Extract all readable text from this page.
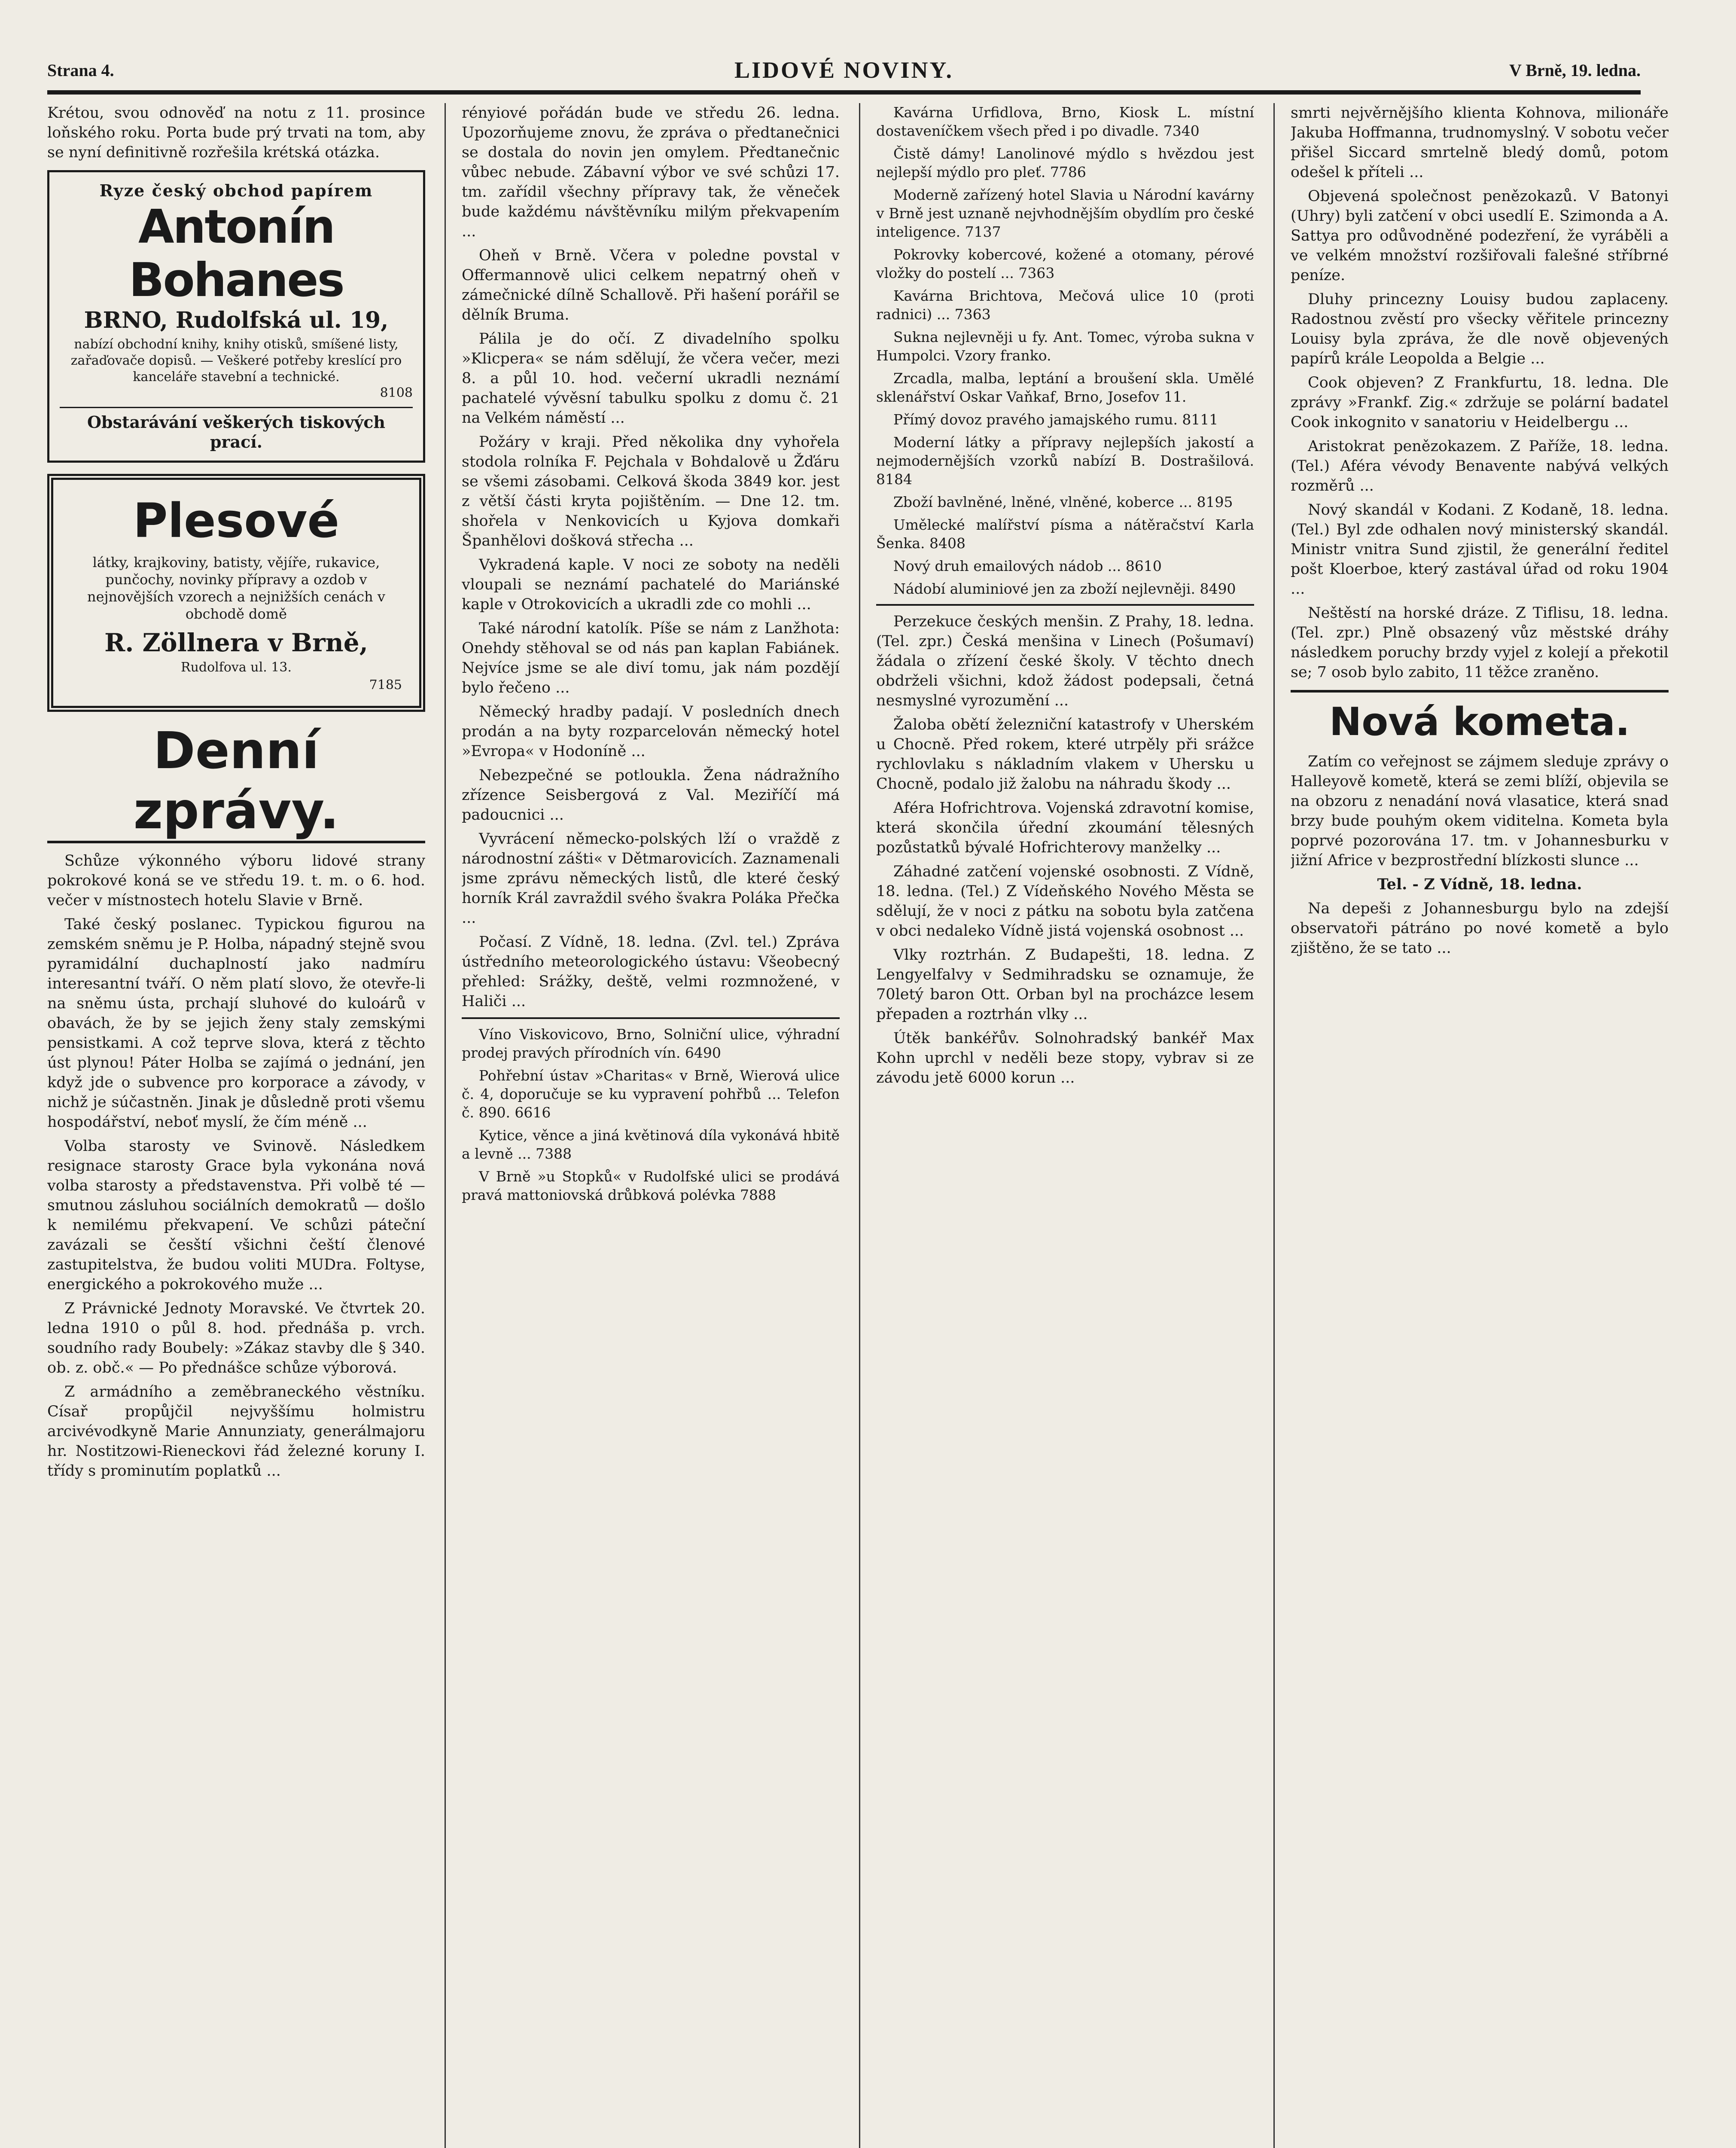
Strana 4.	LIDOVÉ NOVINY.	V Brně, 19. ledna.

Krétou, svou odnověď na notu z 11. prosince loňského roku. Porta bude prý trvati na tom, aby se nyní definitivně rozřešila krétská otázka.

Ryze český obchod papírem
Antonín Bohanes
BRNO, Rudolfská ul. 19,
nabízí obchodní knihy, knihy otisků, smíšené listy, zařaďovače dopisů. — Veškeré potřeby kreslící pro kanceláře stavební a technické.
8108
Obstarávání veškerých tiskových prací.
Plesové
látky, krajkoviny, batisty, vějíře, rukavice, punčochy, novinky přípravy a ozdob v nejnovějších vzorech a nejnižších cenách v obchodě domě
R. Zöllnera v Brně,
Rudolfova ul. 13.
7185
Denní zprávy.

Schůze výkonného výboru lidové strany pokrokové koná se ve středu 19. t. m. o 6. hod. večer v místnostech hotelu Slavie v Brně.

Také český poslanec. Typickou figurou na zemském sněmu je P. Holba, nápadný stejně svou pyramidální duchaplností jako nadmíru interesantní tváří. O něm platí slovo, že otevře-li na sněmu ústa, prchají sluhové do kuloárů v obavách, že by se jejich ženy staly zemskými pensistkami. A což teprve slova, která z těchto úst plynou! Páter Holba se zajímá o jednání, jen když jde o subvence pro korporace a závody, v nichž je súčastněn. Jinak je důsledně proti všemu hospodářství, neboť myslí, že čím méně ...

Volba starosty ve Svinově. Následkem resignace starosty Grace byla vykonána nová volba starosty a představenstva. Při volbě té — smutnou zásluhou sociálních demokratů — došlo k nemilému překvapení. Ve schůzi páteční zavázali se česští všichni čeští členové zastupitelstva, že budou voliti MUDra. Foltyse, energického a pokrokového muže ...

Z Právnické Jednoty Moravské. Ve čtvrtek 20. ledna 1910 o půl 8. hod. přednáša p. vrch. soudního rady Boubely: »Zákaz stavby dle § 340. ob. z. obč.« — Po přednášce schůze výborová.

Z armádního a zeměbraneckého věstníku. Císař propůjčil nejvyššímu holmistru arcivévodkyně Marie Annunziaty, generálmajoru hr. Nostitzowi-Rieneckovi řád železné koruny I. třídy s prominutím poplatků ...

rényiové pořádán bude ve středu 26. ledna. Upozorňujeme znovu, že zpráva o předtanečnici se dostala do novin jen omylem. Předtanečnic vůbec nebude. Zábavní výbor ve své schůzi 17. tm. zařídil všechny přípravy tak, že věneček bude každému návštěvníku milým překvapením ...

Oheň v Brně. Včera v poledne povstal v Offermannově ulici celkem nepatrný oheň v zámečnické dílně Schallově. Při hašení porářil se dělník Bruma.

Pálila je do očí. Z divadelního spolku »Klicpera« se nám sdělují, že včera večer, mezi 8. a půl 10. hod. večerní ukradli neznámí pachatelé vývěsní tabulku spolku z domu č. 21 na Velkém náměstí ...

Požáry v kraji. Před několika dny vyhořela stodola rolníka F. Pejchala v Bohdalově u Žďáru se všemi zásobami. Celková škoda 3849 kor. jest z větší části kryta pojištěním. — Dne 12. tm. shořela v Nenkovicích u Kyjova domkaři Španhělovi došková střecha ...

Vykradená kaple. V noci ze soboty na neděli vloupali se neznámí pachatelé do Mariánské kaple v Otrokovicích a ukradli zde co mohli ...

Také národní katolík. Píše se nám z Lanžhota: Onehdy stěhoval se od nás pan kaplan Fabiánek. Nejvíce jsme se ale diví tomu, jak nám pozdějí bylo řečeno ...

Německý hradby padají. V posledních dnech prodán a na byty rozparcelován německý hotel »Evropa« v Hodoníně ...

Nebezpečné se potloukla. Žena nádražního zřízence Seisbergová z Val. Meziříčí má padoucnici ...

Vyvrácení německo-polských lží o vraždě z národnostní zášti« v Dětmarovicích. Zaznamenali jsme zprávu německých listů, dle které český horník Král zavraždil svého švakra Poláka Přečka ...

Počasí. Z Vídně, 18. ledna. (Zvl. tel.) Zpráva ústředního meteorologického ústavu: Všeobecný přehled: Srážky, deště, velmi rozmnožené, v Haliči ...

Víno Viskovicovo, Brno, Solniční ulice, výhradní prodej pravých přírodních vín. 6490

Pohřební ústav »Charitas« v Brně, Wierová ulice č. 4, doporučuje se ku vypravení pohřbů ... Telefon č. 890. 6616

Kytice, věnce a jiná květinová díla vykonává hbitě a levně ... 7388

V Brně »u Stopků« v Rudolfské ulici se prodává pravá mattoniovská drůbková polévka 7888

Kavárna Urfidlova, Brno, Kiosk L. místní dostaveníčkem všech před i po divadle. 7340

Čistě dámy! Lanolinové mýdlo s hvězdou jest nejlepší mýdlo pro pleť. 7786

Moderně zařízený hotel Slavia u Národní kavárny v Brně jest uznaně nejvhodnějším obydlím pro české inteligence. 7137

Pokrovky kobercové, kožené a otomany, pérové vložky do postelí ... 7363

Kavárna Brichtova, Mečová ulice 10 (proti radnici) ... 7363

Sukna nejlevněji u fy. Ant. Tomec, výroba sukna v Humpolci. Vzory franko.

Zrcadla, malba, leptání a broušení skla. Umělé sklenářství Oskar Vaňkaf, Brno, Josefov 11.

Přímý dovoz pravého jamajského rumu. 8111

Moderní látky a přípravy nejlepších jakostí a nejmodernějších vzorků nabízí B. Dostrašilová. 8184

Zboží bavlněné, lněné, vlněné, koberce ... 8195

Umělecké malířství písma a nátěračství Karla Šenka. 8408

Nový druh emailových nádob ... 8610

Nádobí aluminiové jen za zboží nejlevněji. 8490

Perzekuce českých menšin. Z Prahy, 18. ledna. (Tel. zpr.) Česká menšina v Linech (Pošumaví) žádala o zřízení české školy. V těchto dnech obdrželi všichni, kdož žádost podepsali, četná nesmyslné vyrozumění ...

Žaloba obětí železniční katastrofy v Uherském u Chocně. Před rokem, které utrpěly při srážce rychlovlaku s nákladním vlakem v Uhersku u Chocně, podalo již žalobu na náhradu škody ...

Aféra Hofrichtrova. Vojenská zdravotní komise, která skončila úřední zkoumání tělesných pozůstatků bývalé Hofrichterovy manželky ...

Záhadné zatčení vojenské osobnosti. Z Vídně, 18. ledna. (Tel.) Z Vídeňského Nového Města se sdělují, že v noci z pátku na sobotu byla zatčena v obci nedaleko Vídně jistá vojenská osobnost ...

Vlky roztrhán. Z Budapešti, 18. ledna. Z Lengyelfalvy v Sedmihradsku se oznamuje, že 70letý baron Ott. Orban byl na procházce lesem přepaden a roztrhán vlky ...

Útěk bankéřův. Solnohradský bankéř Max Kohn uprchl v neděli beze stopy, vybrav si ze závodu jetě 6000 korun ...

smrti nejvěrnějšího klienta Kohnova, milionáře Jakuba Hoffmanna, trudnomyslný. V sobotu večer přišel Siccard smrtelně bledý domů, potom odešel k příteli ...

Objevená společnost penězokazů. V Batonyi (Uhry) byli zatčení v obci usedlí E. Szimonda a A. Sattya pro odůvodněné podezření, že vyráběli a ve velkém množství rozšiřovali falešné stříbrné peníze.

Dluhy princezny Louisy budou zaplaceny. Radostnou zvěstí pro všecky věřitele princezny Louisy byla zpráva, že dle nově objevených papírů krále Leopolda a Belgie ...

Cook objeven? Z Frankfurtu, 18. ledna. Dle zprávy »Frankf. Zig.« zdržuje se polární badatel Cook inkognito v sanatoriu v Heidelbergu ...

Aristokrat penězokazem. Z Paříže, 18. ledna. (Tel.) Aféra vévody Benavente nabývá velkých rozměrů ...

Nový skandál v Kodani. Z Kodaně, 18. ledna. (Tel.) Byl zde odhalen nový ministerský skandál. Ministr vnitra Sund zjistil, že generální ředitel pošt Kloerboe, který zastával úřad od roku 1904 ...

Neštěstí na horské dráze. Z Tiflisu, 18. ledna. (Tel. zpr.) Plně obsazený vůz městské dráhy následkem poruchy brzdy vyjel z kolejí a překotil se; 7 osob bylo zabito, 11 těžce zraněno.

Nová kometa.

Zatím co veřejnost se zájmem sleduje zprávy o Halleyově kometě, která se zemi blíží, objevila se na obzoru z nenadání nová vlasatice, která snad brzy bude pouhým okem viditelna. Kometa byla poprvé pozorována 17. tm. v Johannesburku v jižní Africe v bezprostřední blízkosti slunce ...

Tel. - Z Vídně, 18. ledna.

Na depeši z Johannesburgu bylo na zdejší observatoři pátráno po nové kometě a bylo zjištěno, že se tato ...
